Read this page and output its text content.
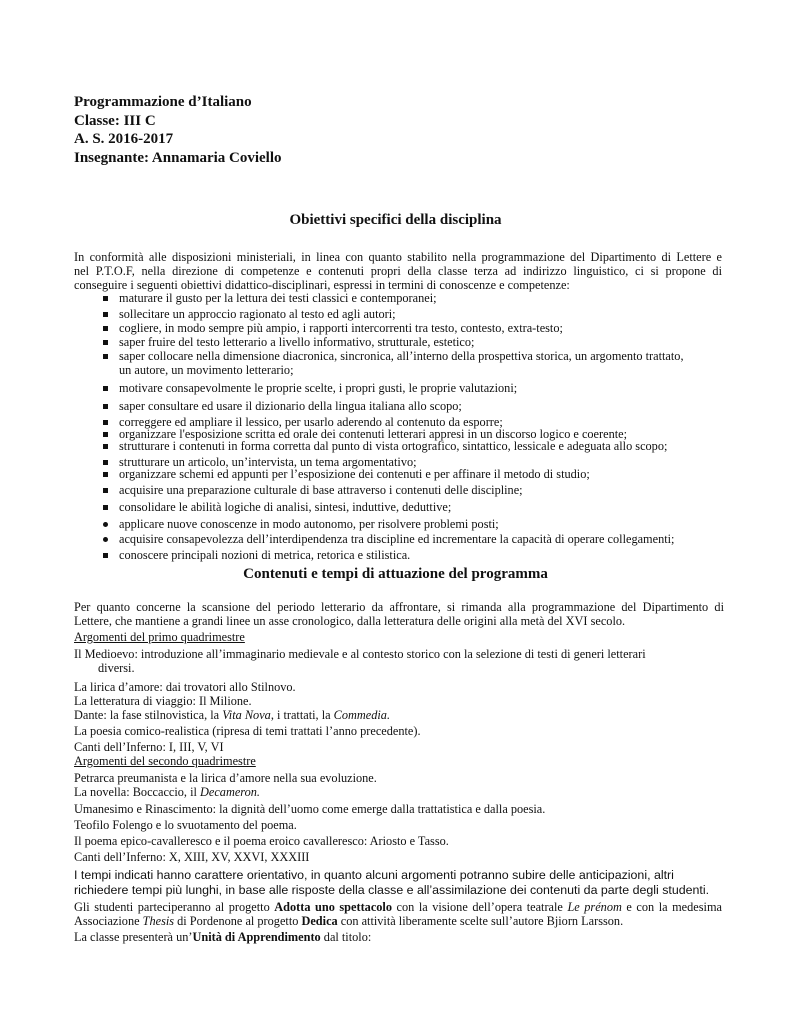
Programmazione d’Italiano
Classe: III C
A. S. 2016-2017
Insegnante: Annamaria Coviello
Obiettivi specifici della disciplina
In conformità alle disposizioni ministeriali, in linea con quanto stabilito nella programmazione del Dipartimento di Lettere e
nel P.T.O.F, nella direzione di competenze e contenuti propri della classe terza ad indirizzo linguistico, ci si propone di
conseguire i seguenti obiettivi didattico-disciplinari, espressi in termini di conoscenze e competenze:
maturare il gusto per la lettura dei testi classici e contemporanei;
sollecitare un approccio ragionato al testo ed agli autori;
cogliere, in modo sempre più ampio, i rapporti intercorrenti tra testo, contesto, extra-testo;
saper fruire del testo letterario a livello informativo, strutturale, estetico;
saper collocare nella dimensione diacronica, sincronica, all’interno della prospettiva storica, un argomento trattato,
un autore, un movimento letterario;
motivare consapevolmente le proprie scelte, i propri gusti, le proprie valutazioni;
saper consultare ed usare il dizionario della lingua italiana allo scopo;
correggere ed ampliare il lessico, per usarlo aderendo al contenuto da esporre;
organizzare l'esposizione scritta ed orale dei contenuti letterari appresi in un discorso logico e coerente;
strutturare i contenuti in forma corretta dal punto di vista ortografico, sintattico, lessicale e adeguata allo scopo;
strutturare un articolo, un’intervista, un tema argomentativo;
organizzare schemi ed appunti per l’esposizione dei contenuti e per affinare il metodo di studio;
acquisire una preparazione culturale di base attraverso i contenuti delle discipline;
consolidare le abilità logiche di analisi, sintesi, induttive, deduttive;
applicare nuove conoscenze in modo autonomo, per risolvere problemi posti;
acquisire consapevolezza dell’interdipendenza tra discipline ed incrementare la capacità di operare collegamenti;
conoscere principali nozioni di metrica, retorica e stilistica.
Contenuti e tempi di attuazione del programma
Per quanto concerne la scansione del periodo letterario da affrontare, si rimanda alla programmazione del Dipartimento di
Lettere, che mantiene a grandi linee un asse cronologico, dalla letteratura delle origini alla metà del XVI secolo.
Argomenti del primo quadrimestre
Il Medioevo: introduzione all’immaginario medievale e al contesto storico con la selezione di testi di generi letterari
diversi.
La lirica d’amore: dai trovatori allo Stilnovo.
La letteratura di viaggio: Il Milione.
Dante: la fase stilnovistica, la Vita Nova, i trattati, la Commedia.
La poesia comico-realistica (ripresa di temi trattati l’anno precedente).
Canti dell’Inferno: I, III, V, VI
Argomenti del secondo quadrimestre
Petrarca preumanista e la lirica d’amore nella sua evoluzione.
La novella: Boccaccio, il Decameron.
Umanesimo e Rinascimento: la dignità dell’uomo come emerge dalla trattatistica e dalla poesia.
Teofilo Folengo e lo svuotamento del poema.
Il poema epico-cavalleresco e il poema eroico cavalleresco: Ariosto e Tasso.
Canti dell’Inferno: X, XIII, XV, XXVI, XXXIII
I tempi indicati hanno carattere orientativo, in quanto alcuni argomenti potranno subire delle anticipazioni, altri
richiedere tempi più lunghi, in base alle risposte della classe e all’assimilazione dei contenuti da parte degli studenti.
Gli studenti parteciperanno al progetto Adotta uno spettacolo con la visione dell’opera teatrale Le prénom e con la medesima Associazione Thesis di Pordenone al progetto Dedica con attività liberamente scelte sull’autore Bjiorn Larsson.
La classe presenterà un’Unità di Apprendimento dal titolo:
